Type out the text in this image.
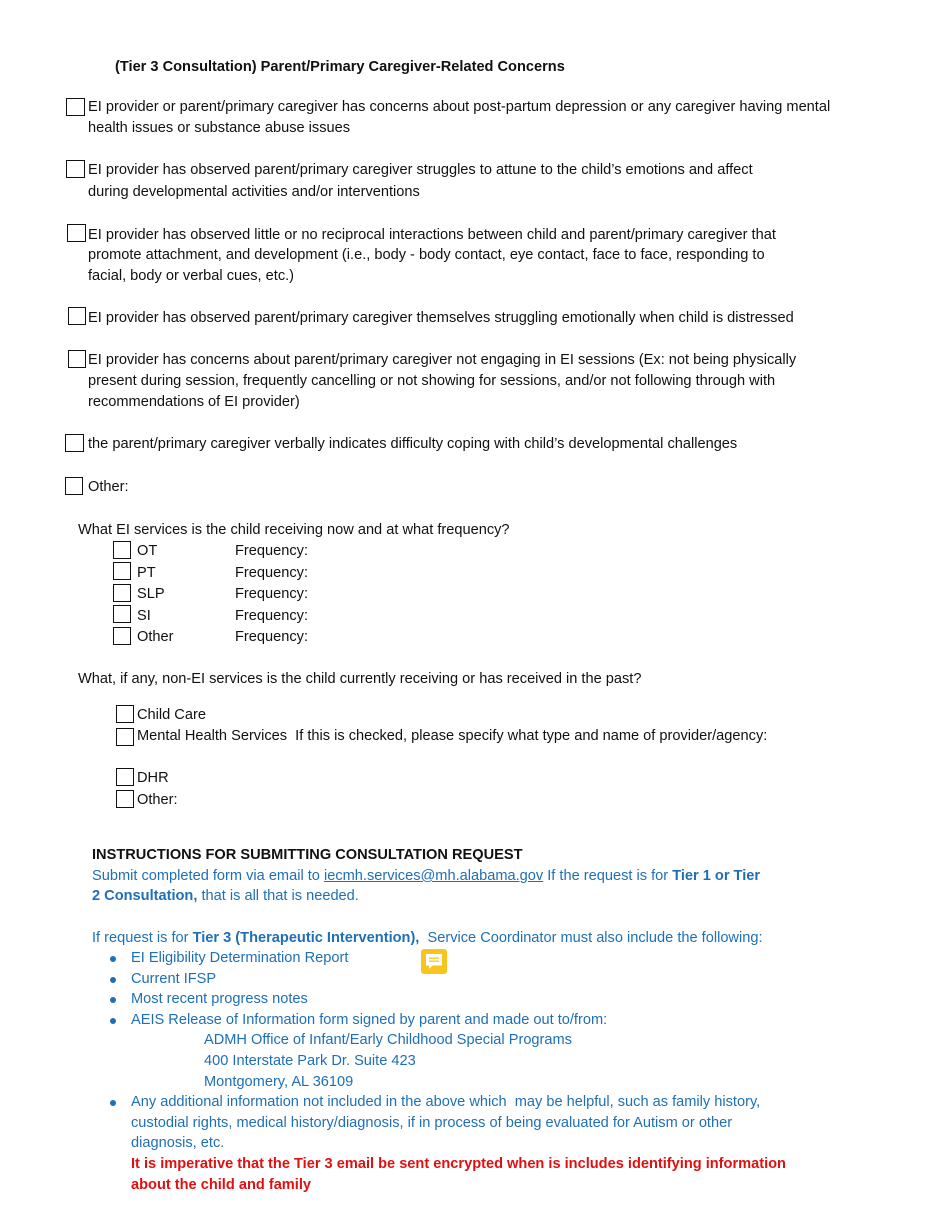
(Tier 3 Consultation) Parent/Primary Caregiver-Related Concerns
EI provider or parent/primary caregiver has concerns about post-partum depression or any caregiver having mental
health issues or substance abuse issues
EI provider has observed parent/primary caregiver struggles to attune to the child’s emotions and affect
during developmental activities and/or interventions
EI provider has observed little or no reciprocal interactions between child and parent/primary caregiver that
promote attachment, and development (i.e., body - body contact, eye contact, face to face, responding to
facial, body or verbal cues, etc.)
EI provider has observed parent/primary caregiver themselves struggling emotionally when child is distressed
EI provider has concerns about parent/primary caregiver not engaging in EI sessions (Ex: not being physically
present during session, frequently cancelling or not showing for sessions, and/or not following through with
recommendations of EI provider)
the parent/primary caregiver verbally indicates difficulty coping with child’s developmental challenges
Other:
What EI services is the child receiving now and at what frequency?
OT	Frequency:
PT	Frequency:
SLP	Frequency:
SI	Frequency:
Other	Frequency:
What, if any, non-EI services is the child currently receiving or has received in the past?
Child Care
Mental Health Services  If this is checked, please specify what type and name of provider/agency:
DHR
Other:
INSTRUCTIONS FOR SUBMITTING CONSULTATION REQUEST
Submit completed form via email to iecmh.services@mh.alabama.gov If the request is for Tier 1 or Tier
2 Consultation, that is all that is needed.
If request is for Tier 3 (Therapeutic Intervention),  Service Coordinator must also include the following:
EI Eligibility Determination Report
Current IFSP
Most recent progress notes
AEIS Release of Information form signed by parent and made out to/from:
ADMH Office of Infant/Early Childhood Special Programs
400 Interstate Park Dr. Suite 423
Montgomery, AL 36109
Any additional information not included in the above which  may be helpful, such as family history,
custodial rights, medical history/diagnosis, if in process of being evaluated for Autism or other
diagnosis, etc.
It is imperative that the Tier 3 email be sent encrypted when is includes identifying information
about the child and family
